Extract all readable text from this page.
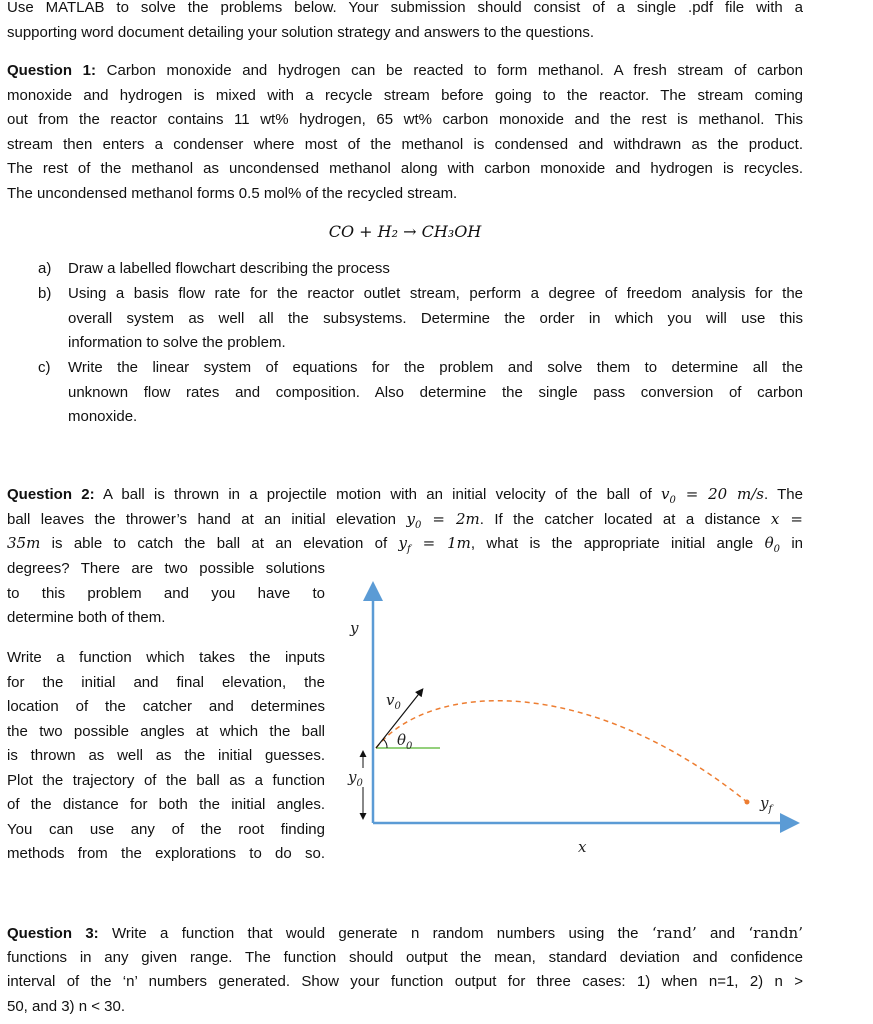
Use MATLAB to solve the problems below. Your submission should consist of a single .pdf file with a
supporting word document detailing your solution strategy and answers to the questions.
Question 1: Carbon monoxide and hydrogen can be reacted to form methanol. A fresh stream of carbon
monoxide and hydrogen is mixed with a recycle stream before going to the reactor. The stream coming
out from the reactor contains 11 wt% hydrogen, 65 wt% carbon monoxide and the rest is methanol. This
stream then enters a condenser where most of the methanol is condensed and withdrawn as the product.
The rest of the methanol as uncondensed methanol along with carbon monoxide and hydrogen is recycles.
The uncondensed methanol forms 0.5 mol% of the recycled stream.
CO + H₂ → CH₃OH
a) Draw a labelled flowchart describing the process
b) Using a basis flow rate for the reactor outlet stream, perform a degree of freedom analysis for the
overall system as well all the subsystems. Determine the order in which you will use this
information to solve the problem.
c) Write the linear system of equations for the problem and solve them to determine all the
unknown flow rates and composition. Also determine the single pass conversion of carbon
monoxide.
Question 2: A ball is thrown in a projectile motion with an initial velocity of the ball of $v_0 = 20$ m/s. The
ball leaves the thrower’s hand at an initial elevation $y_0 = 2m$. If the catcher located at a distance x =
35m is able to catch the ball at an elevation of $y_f = 1m$, what is the appropriate initial angle $\theta_0$ in
degrees? There are two possible solutions
to this problem and you have to
determine both of them.
Write a function which takes the inputs
for the initial and final elevation, the
location of the catcher and determines
the two possible angles at which the ball
is thrown as well as the initial guesses.
Plot the trajectory of the ball as a function
of the distance for both the initial angles.
You can use any of the root finding
methods from the explorations to do so.
y
x
$v_0$
$\theta_0$
$y_0$
$y_f$
Question 3: Write a function that would generate n random numbers using the ‘rand’ and ‘randn’
functions in any given range. The function should output the mean, standard deviation and confidence
interval of the ‘n’ numbers generated. Show your function output for three cases: 1) when n=1, 2) n >
50, and 3) n < 30.
